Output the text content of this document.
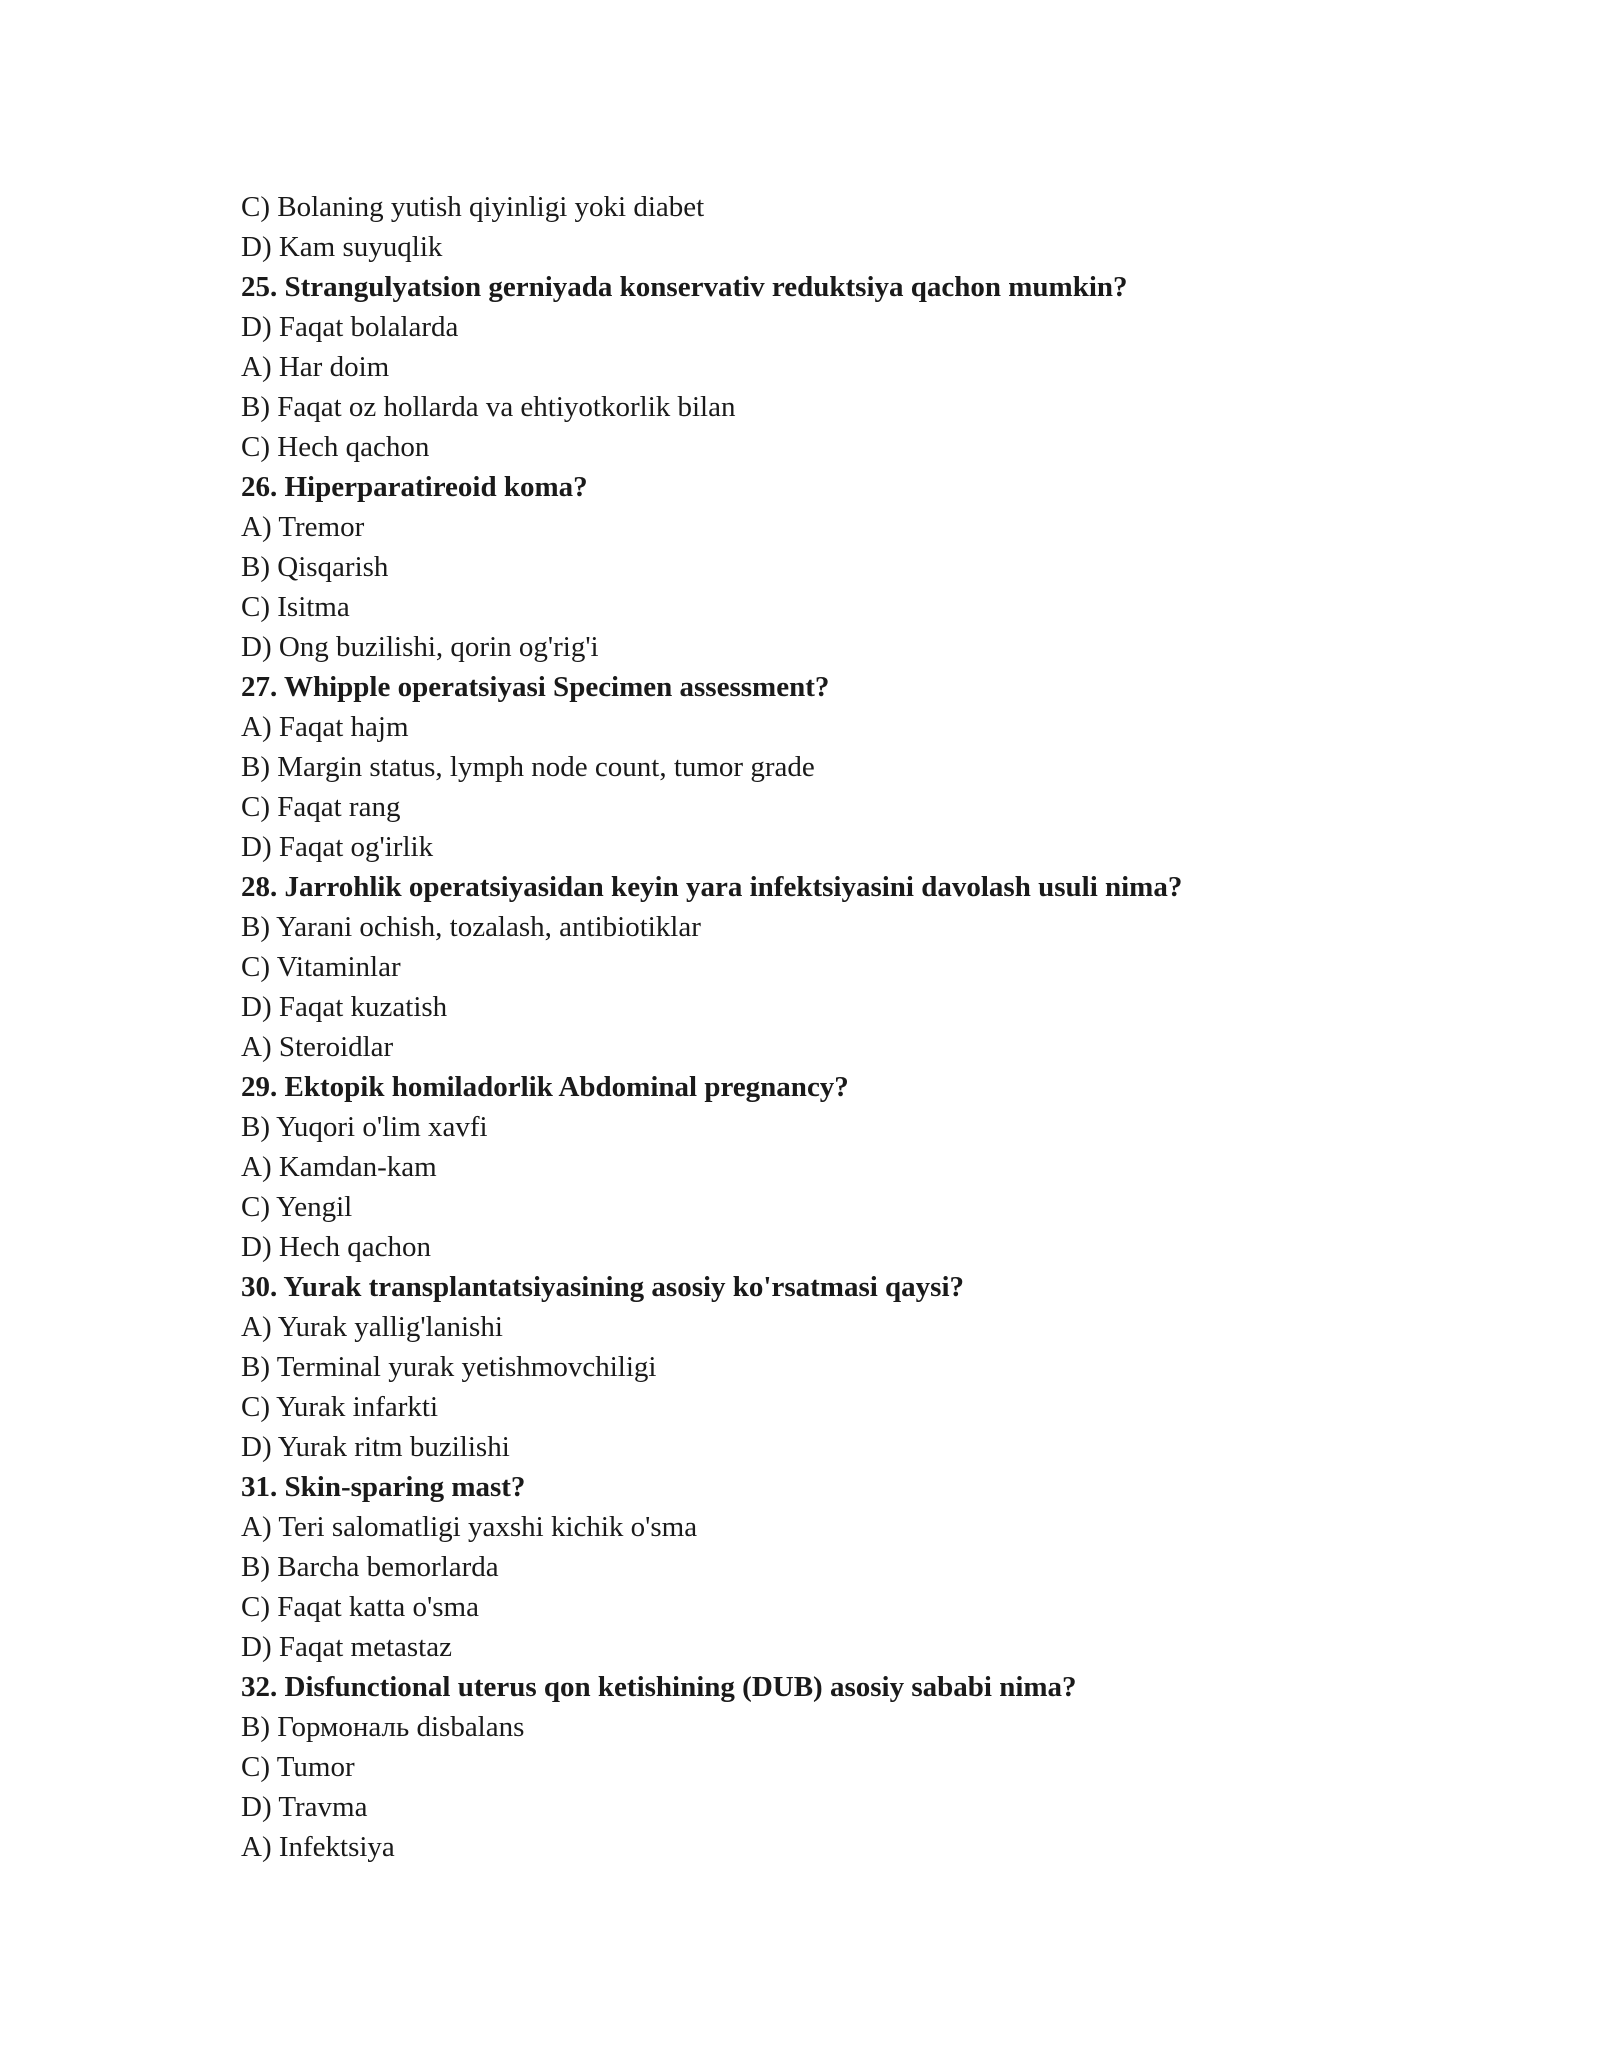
C) Bolaning yutish qiyinligi yoki diabet
D) Kam suyuqlik
25. Strangulyatsion gerniyada konservativ reduktsiya qachon mumkin?
D) Faqat bolalarda
A) Har doim
B) Faqat oz hollarda va ehtiyotkorlik bilan
C) Hech qachon
26. Hiperparatireoid koma?
A) Tremor
B) Qisqarish
C) Isitma
D) Ong buzilishi, qorin og'rig'i
27. Whipple operatsiyasi Specimen assessment?
A) Faqat hajm
B) Margin status, lymph node count, tumor grade
C) Faqat rang
D) Faqat og'irlik
28. Jarrohlik operatsiyasidan keyin yara infektsiyasini davolash usuli nima?
B) Yarani ochish, tozalash, antibiotiklar
C) Vitaminlar
D) Faqat kuzatish
A) Steroidlar
29. Ektopik homiladorlik Abdominal pregnancy?
B) Yuqori o'lim xavfi
A) Kamdan-kam
C) Yengil
D) Hech qachon
30. Yurak transplantatsiyasining asosiy ko'rsatmasi qaysi?
A) Yurak yallig'lanishi
B) Terminal yurak yetishmovchiligi
C) Yurak infarkti
D) Yurak ritm buzilishi
31. Skin-sparing mast?
A) Teri salomatligi yaxshi kichik o'sma
B) Barcha bemorlarda
C) Faqat katta o'sma
D) Faqat metastaz
32. Disfunctional uterus qon ketishining (DUB) asosiy sababi nima?
B) Гормональ disbalans
C) Tumor
D) Travma
A) Infektsiya
